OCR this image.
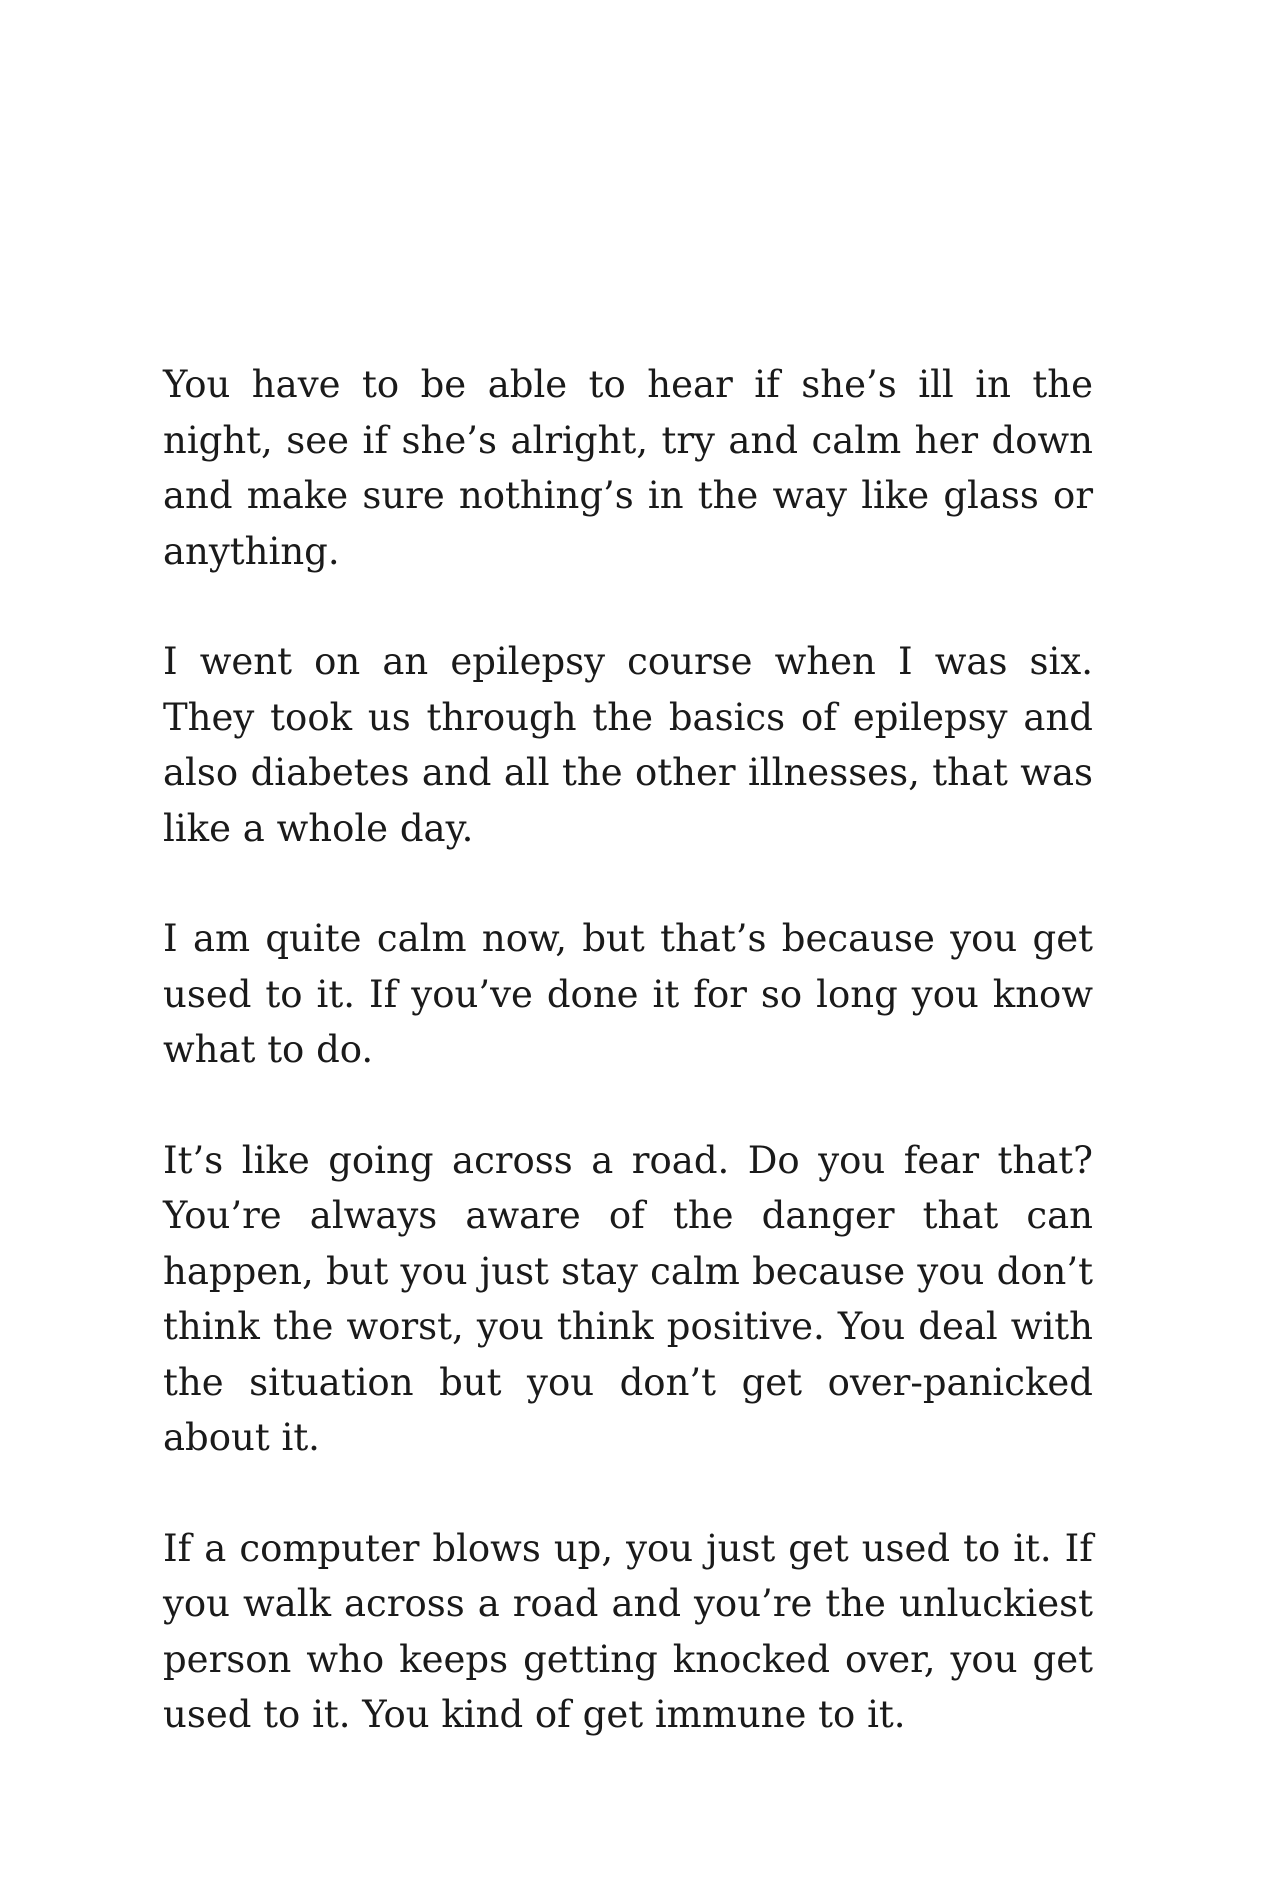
You have to be able to hear if she’s ill in the night, see if she’s alright, try and calm her down and make sure nothing’s in the way like glass or anything.

I went on an epilepsy course when I was six. They took us through the basics of epilepsy and also diabetes and all the other illnesses, that was like a whole day.

I am quite calm now, but that’s because you get used to it. If you’ve done it for so long you know what to do.

It’s like going across a road. Do you fear that? You’re always aware of the danger that can happen, but you just stay calm because you don’t think the worst, you think positive. You deal with the situation but you don’t get over-panicked about it.

If a computer blows up, you just get used to it. If you walk across a road and you’re the unluckiest person who keeps getting knocked over, you get used to it. You kind of get immune to it.
